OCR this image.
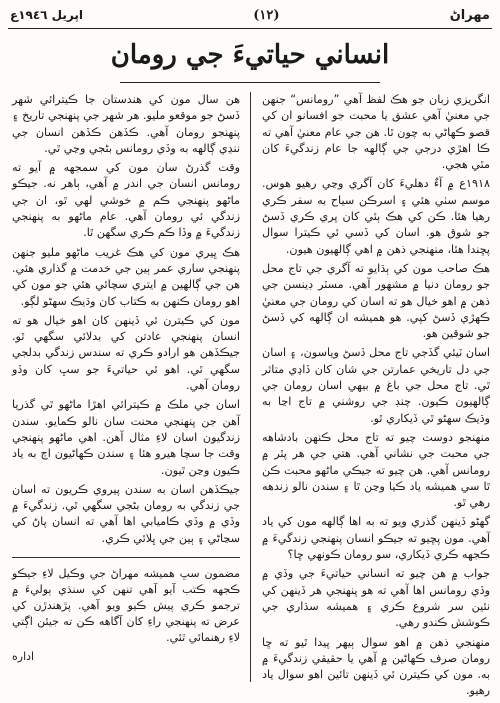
اپريل ١٩٤٦ع	(١٢)	مهراڻ
انساني حياتيءَ جي رومان

انگريزي زبان جو هڪ لفظ آهي ”رومانس“ جنهن جي معنيٰ آهي عشق يا محبت جو افسانو ان کي قصو ڪهاڻي به چون ٿا. هن جي عام معنيٰ آهي ته ڪا اهڙي درجي جي ڳالهه جا عام زندگيءَ کان مٿي هجي.

١٩١٨ع ۾ آءٌ دهليءَ کان آگري وڃي رهيو هوس. موسم سٺي هئي ۽ اسرڪن سياح به سفر ڪري رهيا هئا. ڪن کي هڪ ٻئي کان پري ڪري ڏسڻ جو شوق هو. اسان کي ڏسي ئي ڪيترا سوال پڇندا هئا، منهنجي ذهن ۾ اهي ڳالهيون هيون.

هڪ صاحب مون کي ٻڌايو ته آگري جي تاج محل جو رومان دنيا ۾ مشهور آهي. مسٽر ڊينسن جي ذهن ۾ اهو خيال هو ته اسان کي رومان جي معنيٰ ڪهڙي ڏسڻ کپي. هو هميشه ان ڳالهه کي ڏسڻ جو شوقين هو.

اسان ٽيئي گڏجي تاج محل ڏسڻ وياسون، ۽ اسان جي دل تاريخي عمارتن جي شان کان ڏاڍي متاثر ٿي. تاج محل جي باغ ۾ بيهي اسان رومان جي ڳالهيون ڪيون. چنڊ جي روشني ۾ تاج اڃا به وڌيڪ سهڻو ٿي ڏيکاري ٿو.

منهنجو دوست چيو ته تاج محل ڪنهن بادشاهه جي محبت جي نشاني آهي. هتي جي هر پٿر ۾ رومانس آهي. هن چيو ته جيڪي ماڻهو محبت ڪن ٿا سي هميشه ياد ڪيا وڃن ٿا ۽ سندن نالو زندهه رهي ٿو.

گهڻو ڏينهن گذري ويو ته به اها ڳالهه مون کي ياد آهي. مون پڇيو ته جيڪو انسان پنهنجي زندگيءَ ۾ ڪجهه ڪري ڏيکاري، سو رومان ڪونهي ڇا؟

جواب ۾ هن چيو ته انساني حياتيءَ جي وڏي ۾ وڏي رومانس اها آهي ته هو پنهنجي هر ڏينهن کي نئين سر شروع ڪري ۽ هميشه سڌاري جي ڪوشش ڪندو رهي.

منهنجي ذهن ۾ اهو سوال ٻيهر پيدا ٿيو ته ڇا رومان صرف ڪهاڻين ۾ آهي يا حقيقي زندگيءَ ۾ به. مون کي ڪيترن ئي ڏينهن تائين اهو سوال ياد رهيو.

هن سال مون کي هندستان جا ڪيترائي شهر ڏسڻ جو موقعو مليو. هر شهر جي پنهنجي تاريخ ۽ پنهنجو رومان آهي. ڪڏهن ڪڏهن انسان جي ننڍي ڳالهه به وڏي رومانس بڻجي وڃي ٿي.

وقت گذرڻ سان مون کي سمجهه ۾ آيو ته رومانس انسان جي اندر ۾ آهي، ٻاهر نه. جيڪو ماڻهو پنهنجي ڪم ۾ خوشي لهي ٿو، ان جي زندگي ئي رومان آهي. عام ماڻهو به پنهنجي زندگيءَ ۾ وڏا ڪم ڪري سگهن ٿا.

هڪ ڀيري مون کي هڪ غريب ماڻهو مليو جنهن پنهنجي ساري عمر ٻين جي خدمت ۾ گذاري هئي. هن جي ڳالهين ۾ ايتري سچائي هئي جو مون کي اهو رومان ڪنهن به ڪتاب کان وڌيڪ سهڻو لڳو.

مون کي ڪيترن ئي ڏينهن کان اهو خيال هو ته انسان پنهنجي عادتن کي بدلائي سگهي ٿو. جيڪڏهن هو ارادو ڪري ته سندس زندگي بدلجي سگهي ٿي. اهو ئي حياتيءَ جو سڀ کان وڏو رومان آهي.

اسان جي ملڪ ۾ ڪيترائي اهڙا ماڻهو ٿي گذريا آهن جن پنهنجي محنت سان نالو ڪمايو. سندن زندگيون اسان لاءِ مثال آهن. اهي ماڻهو پنهنجي وقت جا سچا هيرو هئا ۽ سندن ڪهاڻيون اڄ به ياد ڪيون وڃن ٿيون.

جيڪڏهن اسان به سندن پيروي ڪريون ته اسان جي زندگي به رومان بڻجي سگهي ٿي. زندگيءَ ۾ وڏي ۾ وڏي ڪاميابي اها آهي ته انسان پاڻ کي سڃاڻي ۽ ٻين جي ڀلائي ڪري.

مضمون سڀ هميشه مهراڻ جي وڪيل لاءِ جيڪو ڪجهه ڪتب آيو آهي تنهن کي سنڌي ٻوليءَ ۾ ترجمو ڪري پيش ڪيو ويو آهي. پڙهندڙن کي عرض ته پنهنجي راءِ کان آگاهه ڪن ته جيئن اڳتي لاءِ رهنمائي ٿئي.

اداره
